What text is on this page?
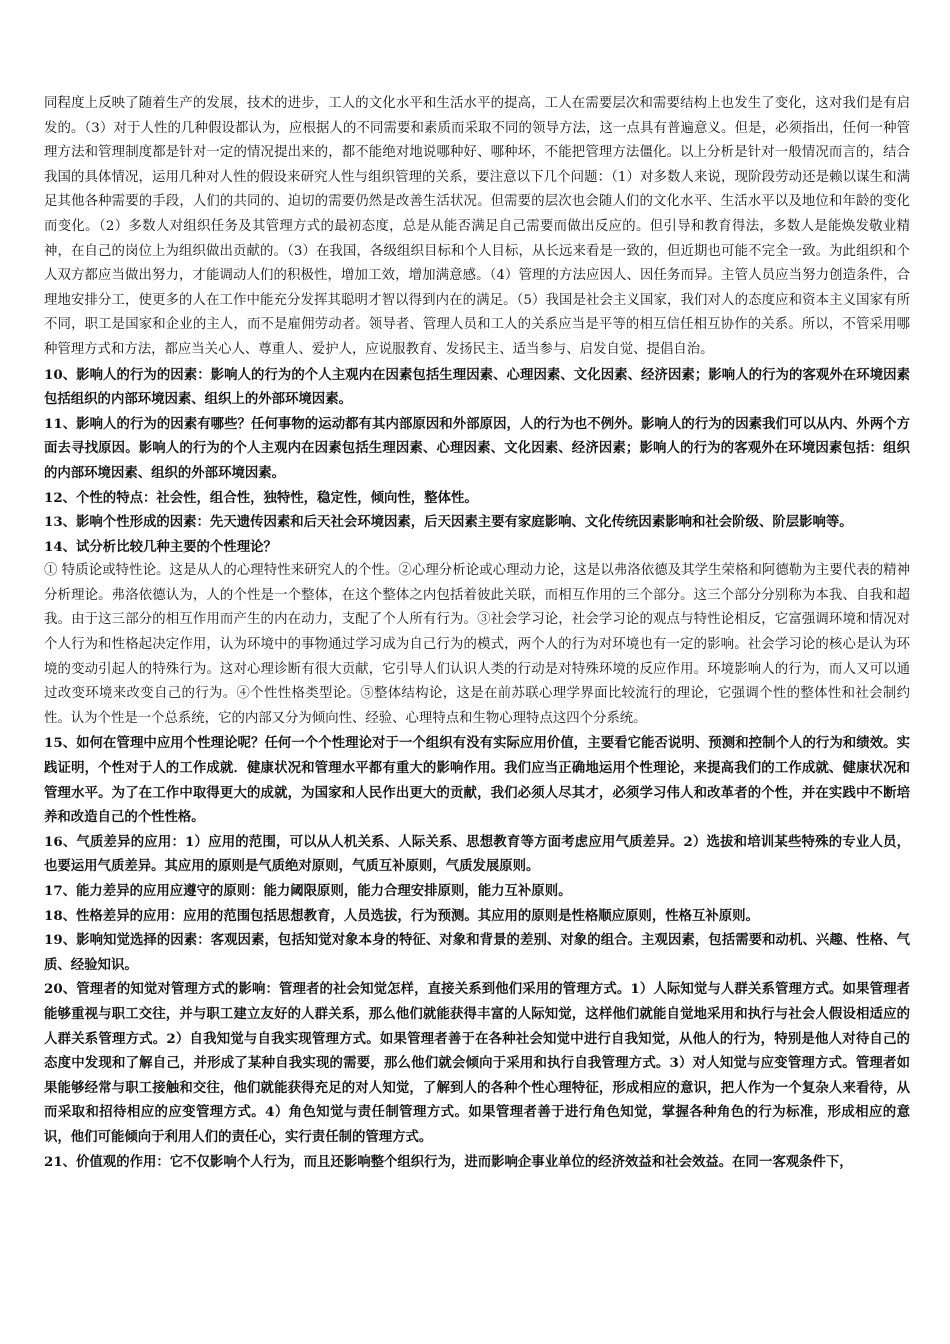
同程度上反映了随着生产的发展，技术的进步，工人的文化水平和生活水平的提高，工人在需要层次和需要结构上也发生了变化，这对我们是有启发的。（3）对于人性的几种假设都认为，应根据人的不同需要和素质而采取不同的领导方法，这一点具有普遍意义。但是，必须指出，任何一种管理方法和管理制度都是针对一定的情况提出来的，都不能绝对地说哪种好、哪种坏，不能把管理方法僵化。以上分析是针对一般情况而言的，结合我国的具体情况，运用几种对人性的假设来研究人性与组织管理的关系，要注意以下几个问题：（1）对多数人来说，现阶段劳动还是赖以谋生和满足其他各种需要的手段，人们的共同的、迫切的需要仍然是改善生活状况。但需要的层次也会随人们的文化水平、生活水平以及地位和年龄的变化而变化。（2）多数人对组织任务及其管理方式的最初态度，总是从能否满足自己需要而做出反应的。但引导和教育得法，多数人是能焕发敬业精神，在自己的岗位上为组织做出贡献的。（3）在我国，各级组织目标和个人目标，从长远来看是一致的，但近期也可能不完全一致。为此组织和个人双方都应当做出努力，才能调动人们的积极性，增加工效，增加满意感。（4）管理的方法应因人、因任务而异。主管人员应当努力创造条件，合理地安排分工，使更多的人在工作中能充分发挥其聪明才智以得到内在的满足。（5）我国是社会主义国家，我们对人的态度应和资本主义国家有所不同，职工是国家和企业的主人，而不是雇佣劳动者。领导者、管理人员和工人的关系应当是平等的相互信任相互协作的关系。所以，不管采用哪种管理方式和方法，都应当关心人、尊重人、爱护人，应说服教育、发扬民主、适当参与、启发自觉、提倡自治。

10、影响人的行为的因素：影响人的行为的个人主观内在因素包括生理因素、心理因素、文化因素、经济因素；影响人的行为的客观外在环境因素包括组织的内部环境因素、组织上的外部环境因素。

11、影响人的行为的因素有哪些？任何事物的运动都有其内部原因和外部原因，人的行为也不例外。影响人的行为的因素我们可以从内、外两个方面去寻找原因。影响人的行为的个人主观内在因素包括生理因素、心理因素、文化因素、经济因素；影响人的行为的客观外在环境因素包括：组织的内部环境因素、组织的外部环境因素。

12、个性的特点：社会性，组合性，独特性，稳定性，倾向性，整体性。

13、影响个性形成的因素：先天遗传因素和后天社会环境因素，后天因素主要有家庭影响、文化传统因素影响和社会阶级、阶层影响等。

14、试分析比较几种主要的个性理论？

① 特质论或特性论。这是从人的心理特性来研究人的个性。②心理分析论或心理动力论，这是以弗洛依德及其学生荣格和阿德勒为主要代表的精神分析理论。弗洛依德认为，人的个性是一个整体，在这个整体之内包括着彼此关联，而相互作用的三个部分。这三个部分分别称为本我、自我和超我。由于这三部分的相互作用而产生的内在动力，支配了个人所有行为。③社会学习论，社会学习论的观点与特性论相反，它富强调环境和情况对个人行为和性格起决定作用，认为环境中的事物通过学习成为自己行为的模式，两个人的行为对环境也有一定的影响。社会学习论的核心是认为环境的变动引起人的特殊行为。这对心理诊断有很大贡献，它引导人们认识人类的行动是对特殊环境的反应作用。环境影响人的行为，而人又可以通过改变环境来改变自己的行为。④个性性格类型论。⑤整体结构论，这是在前苏联心理学界面比较流行的理论，它强调个性的整体性和社会制约性。认为个性是一个总系统，它的内部又分为倾向性、经验、心理特点和生物心理特点这四个分系统。

15、如何在管理中应用个性理论呢？任何一个个性理论对于一个组织有没有实际应用价值，主要看它能否说明、预测和控制个人的行为和绩效。实践证明，个性对于人的工作成就．健康状况和管理水平都有重大的影响作用。我们应当正确地运用个性理论，来提高我们的工作成就、健康状况和管理水平。为了在工作中取得更大的成就，为国家和人民作出更大的贡献，我们必须人尽其才，必须学习伟人和改革者的个性，并在实践中不断培养和改造自己的个性性格。

16、气质差异的应用：1）应用的范围，可以从人机关系、人际关系、思想教育等方面考虑应用气质差异。2）选拔和培训某些特殊的专业人员，也要运用气质差异。其应用的原则是气质绝对原则，气质互补原则，气质发展原则。

17、能力差异的应用应遵守的原则：能力阈限原则，能力合理安排原则，能力互补原则。

18、性格差异的应用：应用的范围包括思想教育，人员选拔，行为预测。其应用的原则是性格顺应原则，性格互补原则。

19、影响知觉选择的因素：客观因素，包括知觉对象本身的特征、对象和背景的差别、对象的组合。主观因素，包括需要和动机、兴趣、性格、气质、经验知识。

20、管理者的知觉对管理方式的影响：管理者的社会知觉怎样，直接关系到他们采用的管理方式。1）人际知觉与人群关系管理方式。如果管理者能够重视与职工交往，并与职工建立友好的人群关系，那么他们就能获得丰富的人际知觉，这样他们就能自觉地采用和执行与社会人假设相适应的人群关系管理方式。2）自我知觉与自我实现管理方式。如果管理者善于在各种社会知觉中进行自我知觉，从他人的行为，特别是他人对待自己的态度中发现和了解自己，并形成了某种自我实现的需要，那么他们就会倾向于采用和执行自我管理方式。3）对人知觉与应变管理方式。管理者如果能够经常与职工接触和交往，他们就能获得充足的对人知觉，了解到人的各种个性心理特征，形成相应的意识，把人作为一个复杂人来看待，从而采取和招待相应的应变管理方式。4）角色知觉与责任制管理方式。如果管理者善于进行角色知觉，掌握各种角色的行为标准，形成相应的意识，他们可能倾向于利用人们的责任心，实行责任制的管理方式。

21、价值观的作用：它不仅影响个人行为，而且还影响整个组织行为，进而影响企事业单位的经济效益和社会效益。在同一客观条件下，
